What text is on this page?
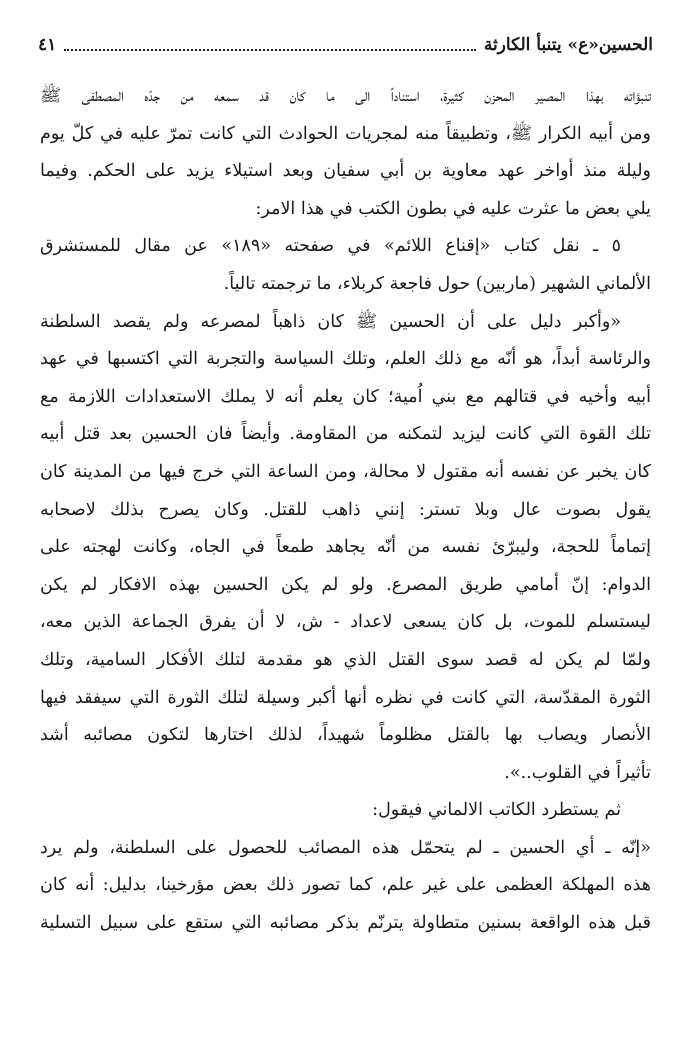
الحسين«ع» يتنبأ الكارثة
٤١
تنبؤاته بهذا المصير المحزن كثيرة، استناداً الى ما كان قد سمعه من جدّه المصطفى ﷺ
ومن أبيه الكرار ﷺ، وتطبيقاً منه لمجريات الحوادث التي كانت تمرّ عليه في كلّ يوم
وليلة منذ أواخر عهد معاوية بن أبي سفيان وبعد استيلاء يزيد على الحكم. وفيما
يلي بعض ما عثرت عليه في بطون الكتب في هذا الامر:
٥ ـ نقل كتاب «إقناع اللائم» في صفحته «١٨٩» عن مقال للمستشرق
الألماني الشهير (ماربين) حول فاجعة كربلاء، ما ترجمته تالياً.
«وأكبر دليل على أن الحسين ﷺ كان ذاهباً لمصرعه ولم يقصد السلطنة
والرئاسة أبداً، هو أنّه مع ذلك العلم، وتلك السياسة والتجربة التي اكتسبها في عهد
أبيه وأخيه في قتالهم مع بني اُمية؛ كان يعلم أنه لا يملك الاستعدادات اللازمة مع
تلك القوة التي كانت ليزيد لتمكنه من المقاومة. وأيضاً فان الحسين بعد قتل أبيه
كان يخبر عن نفسه أنه مقتول لا محالة، ومن الساعة التي خرج فيها من المدينة كان
يقول بصوت عال وبلا تستر: إنني ذاهب للقتل. وكان يصرح بذلك لاصحابه
إتماماً للحجة، وليبرّئ نفسه من أنّه يجاهد طمعاً في الجاه، وكانت لهجته على
الدوام: إنّ أمامي طريق المصرع. ولو لم يكن الحسين بهذه الافكار لم يكن
ليستسلم للموت، بل كان يسعى لاعداد - ش، لا أن يفرق الجماعة الذين معه،
ولمّا لم يكن له قصد سوى القتل الذي هو مقدمة لتلك الأفكار السامية، وتلك
الثورة المقدّسة، التي كانت في نظره أنها أكبر وسيلة لتلك الثورة التي سيفقد فيها
الأنصار ويصاب بها بالقتل مظلوماً شهيداً، لذلك اختارها لتكون مصائبه أشد
تأثيراً في القلوب..».
ثم يستطرد الكاتب الالماني فيقول:
«إنّه ـ أي الحسين ـ لم يتحمّل هذه المصائب للحصول على السلطنة، ولم يرد
هذه المهلكة العظمى على غير علم، كما تصور ذلك بعض مؤرخينا، بدليل: أنه كان
قبل هذه الواقعة بسنين متطاولة يترنّم بذكر مصائبه التي ستقع على سبيل التسلية
